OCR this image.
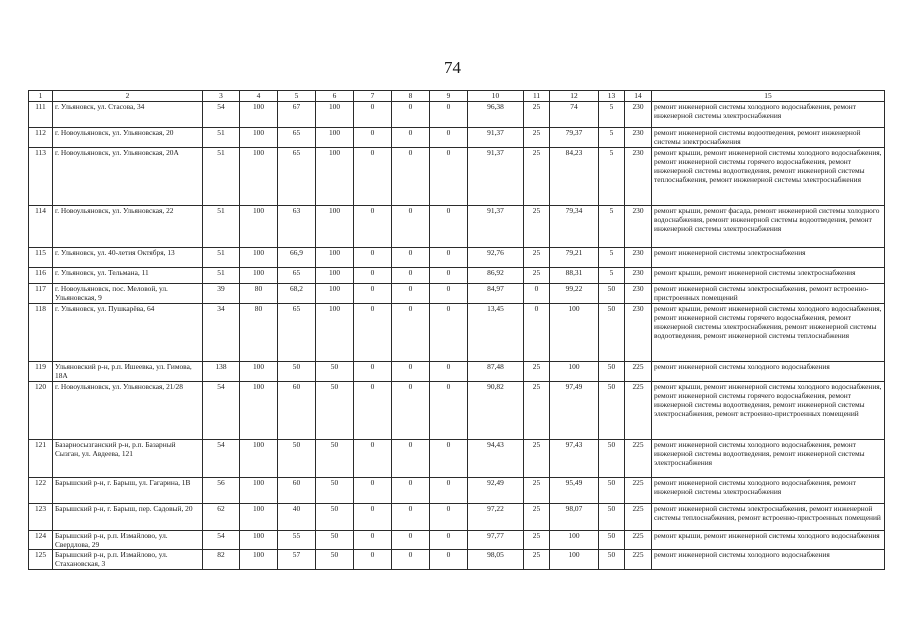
74
1	2	3	4	5	6	7	8	9	10	11	12	13	14	15
111	г. Ульяновск, ул. Стасова, 34	54	100	67	100	0	0	0	96,38	25	74	5	230	ремонт инженерной системы холодного водоснабжения, ремонт инженерной системы электроснабжения
112	г. Новоульяновск, ул. Ульяновская, 20	51	100	65	100	0	0	0	91,37	25	79,37	5	230	ремонт инженерной системы водоотведения, ремонт инженерной системы электроснабжения
113	г. Новоульяновск, ул. Ульяновская, 20А	51	100	65	100	0	0	0	91,37	25	84,23	5	230	ремонт крыши, ремонт инженерной системы холодного водоснабжения, ремонт инженерной системы горячего водоснабжения, ремонт инженерной системы водоотведения, ремонт инженерной системы теплоснабжения, ремонт инженерной системы электроснабжения
114	г. Новоульяновск, ул. Ульяновская, 22	51	100	63	100	0	0	0	91,37	25	79,34	5	230	ремонт крыши, ремонт фасада, ремонт инженерной системы холодного водоснабжения, ремонт инженерной системы водоотведения, ремонт инженерной системы электроснабжения
115	г. Ульяновск, ул. 40-летия Октября, 13	51	100	66,9	100	0	0	0	92,76	25	79,21	5	230	ремонт инженерной системы электроснабжения
116	г. Ульяновск, ул. Тельмана, 11	51	100	65	100	0	0	0	86,92	25	88,31	5	230	ремонт крыши, ремонт инженерной системы электроснабжения
117	г. Новоульяновск, пос. Меловой, ул. Ульяновская, 9	39	80	68,2	100	0	0	0	84,97	0	99,22	50	230	ремонт инженерной системы электроснабжения, ремонт встроенно-пристроенных помещений
118	г. Ульяновск, ул. Пушкарёва, 64	34	80	65	100	0	0	0	13,45	0	100	50	230	ремонт крыши, ремонт инженерной системы холодного водоснабжения, ремонт инженерной системы горячего водоснабжения, ремонт инженерной системы электроснабжения, ремонт инженерной системы водоотведения, ремонт инженерной системы теплоснабжения
119	Ульяновский р-н, р.п. Ишеевка, ул. Гимова, 18А	138	100	50	50	0	0	0	87,48	25	100	50	225	ремонт инженерной системы холодного водоснабжения
120	г. Новоульяновск, ул. Ульяновская, 21/28	54	100	60	50	0	0	0	90,82	25	97,49	50	225	ремонт крыши, ремонт инженерной системы холодного водоснабжения, ремонт инженерной системы горячего водоснабжения, ремонт инженерной системы водоотведения, ремонт инженерной системы электроснабжения, ремонт встроенно-пристроенных помещений
121	Базарносызганский р-н, р.п. Базарный Сызган, ул. Авдеева, 121	54	100	50	50	0	0	0	94,43	25	97,43	50	225	ремонт инженерной системы холодного водоснабжения, ремонт инженерной системы водоотведения, ремонт инженерной системы электроснабжения
122	Барышский р-н, г. Барыш, ул. Гагарина, 1В	56	100	60	50	0	0	0	92,49	25	95,49	50	225	ремонт инженерной системы холодного водоснабжения, ремонт инженерной системы электроснабжения
123	Барышский р-н, г. Барыш, пер. Садовый, 20	62	100	40	50	0	0	0	97,22	25	98,07	50	225	ремонт инженерной системы электроснабжения, ремонт инженерной системы теплоснабжения, ремонт встроенно-пристроенных помещений
124	Барышский р-н, р.п. Измайлово, ул. Свердлова, 29	54	100	55	50	0	0	0	97,77	25	100	50	225	ремонт крыши, ремонт инженерной системы холодного водоснабжения
125	Барышский р-н, р.п. Измайлово, ул. Стахановская, 3	82	100	57	50	0	0	0	98,05	25	100	50	225	ремонт инженерной системы холодного водоснабжения
